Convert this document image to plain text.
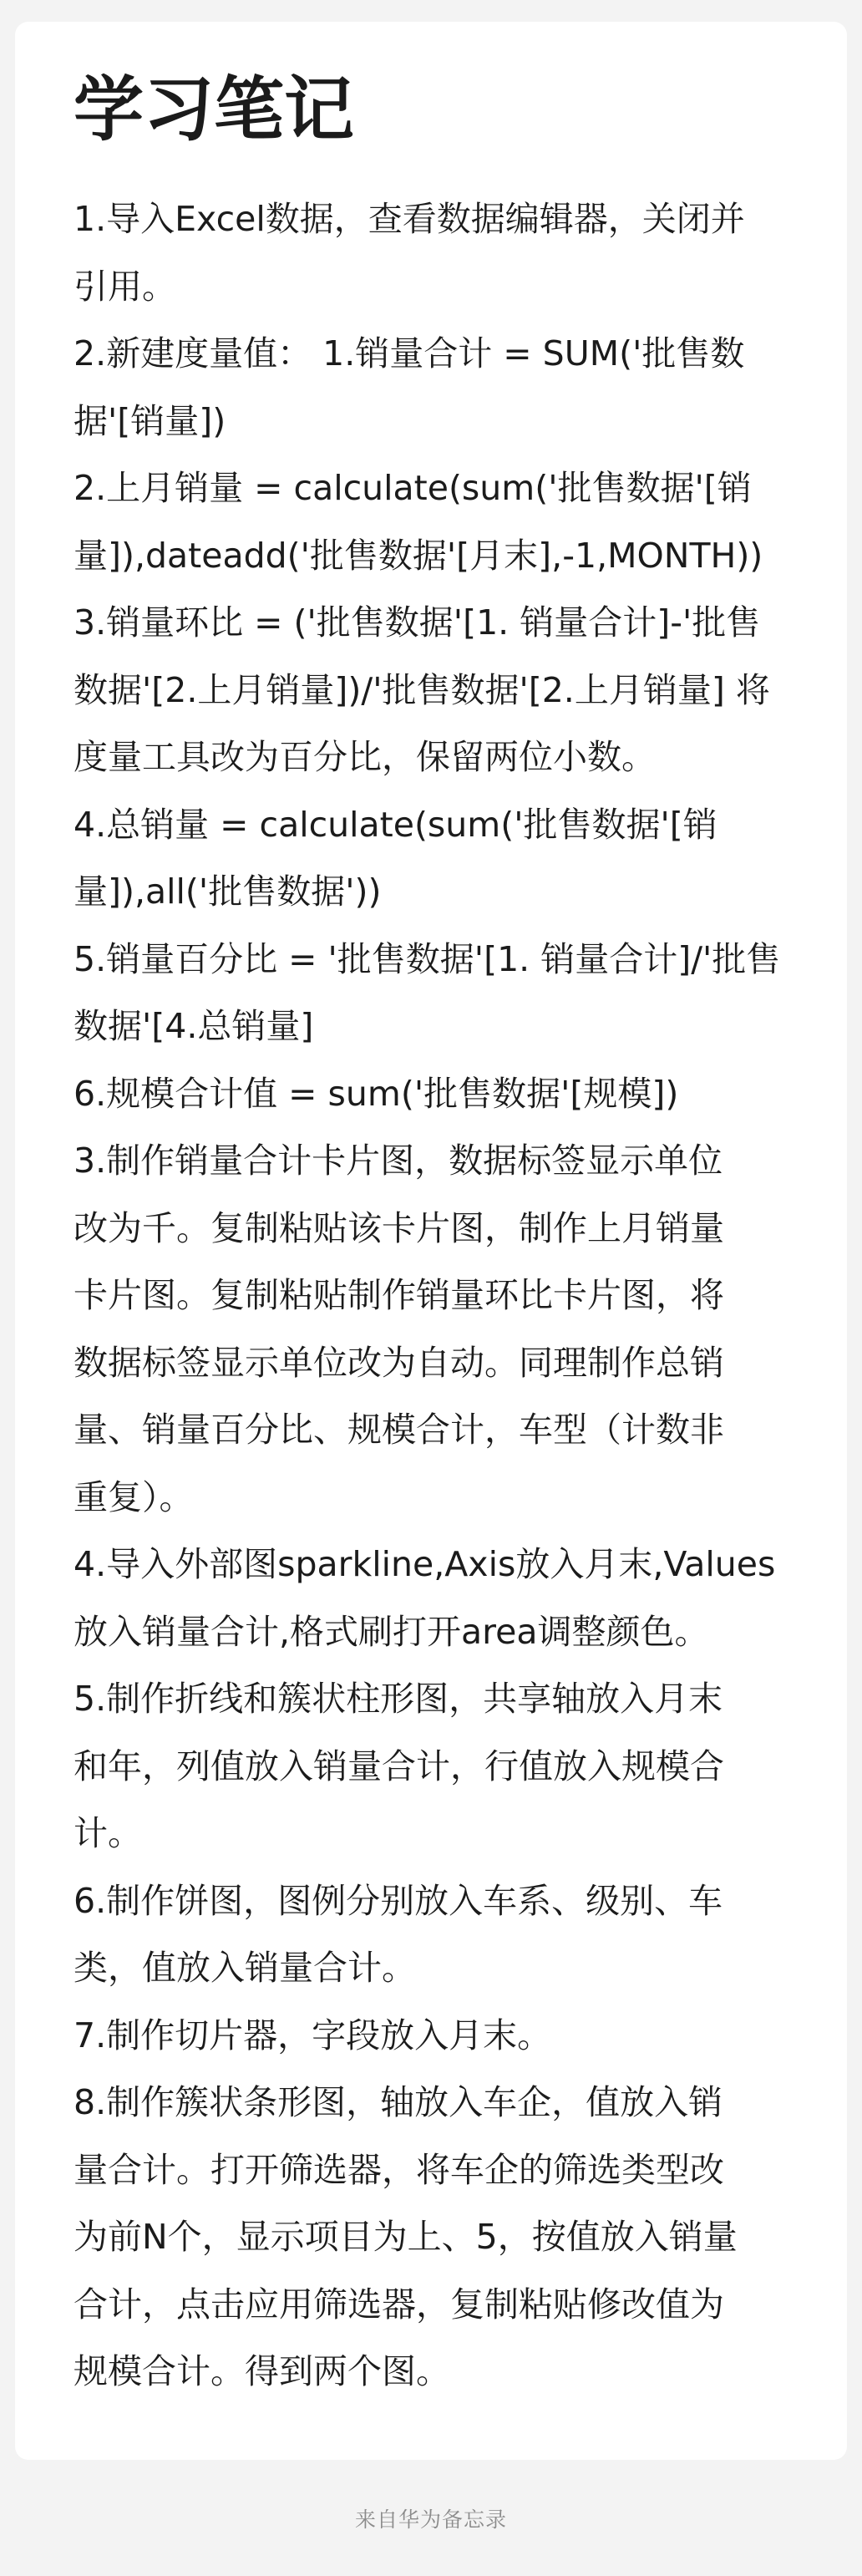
学习笔记
1.导入Excel数据，查看数据编辑器，关闭并
引用。
2.新建度量值： 1.销量合计 = SUM('批售数
据'[销量])
2.上月销量 = calculate(sum('批售数据'[销
量]),dateadd('批售数据'[月末],-1,MONTH))
3.销量环比 = ('批售数据'[1. 销量合计]-'批售
数据'[2.上月销量])/'批售数据'[2.上月销量] 将
度量工具改为百分比，保留两位小数。
4.总销量 = calculate(sum('批售数据'[销
量]),all('批售数据'))
5.销量百分比 = '批售数据'[1. 销量合计]/'批售
数据'[4.总销量]
6.规模合计值 = sum('批售数据'[规模])
3.制作销量合计卡片图，数据标签显示单位
改为千。复制粘贴该卡片图，制作上月销量
卡片图。复制粘贴制作销量环比卡片图，将
数据标签显示单位改为自动。同理制作总销
量、销量百分比、规模合计，车型（计数非
重复）。
4.导入外部图sparkline,Axis放入月末,Values
放入销量合计,格式刷打开area调整颜色。
5.制作折线和簇状柱形图，共享轴放入月末
和年，列值放入销量合计，行值放入规模合
计。
6.制作饼图，图例分别放入车系、级别、车
类，值放入销量合计。
7.制作切片器，字段放入月末。
8.制作簇状条形图，轴放入车企，值放入销
量合计。打开筛选器，将车企的筛选类型改
为前N个，显示项目为上、5，按值放入销量
合计，点击应用筛选器，复制粘贴修改值为
规模合计。得到两个图。
来自华为备忘录
